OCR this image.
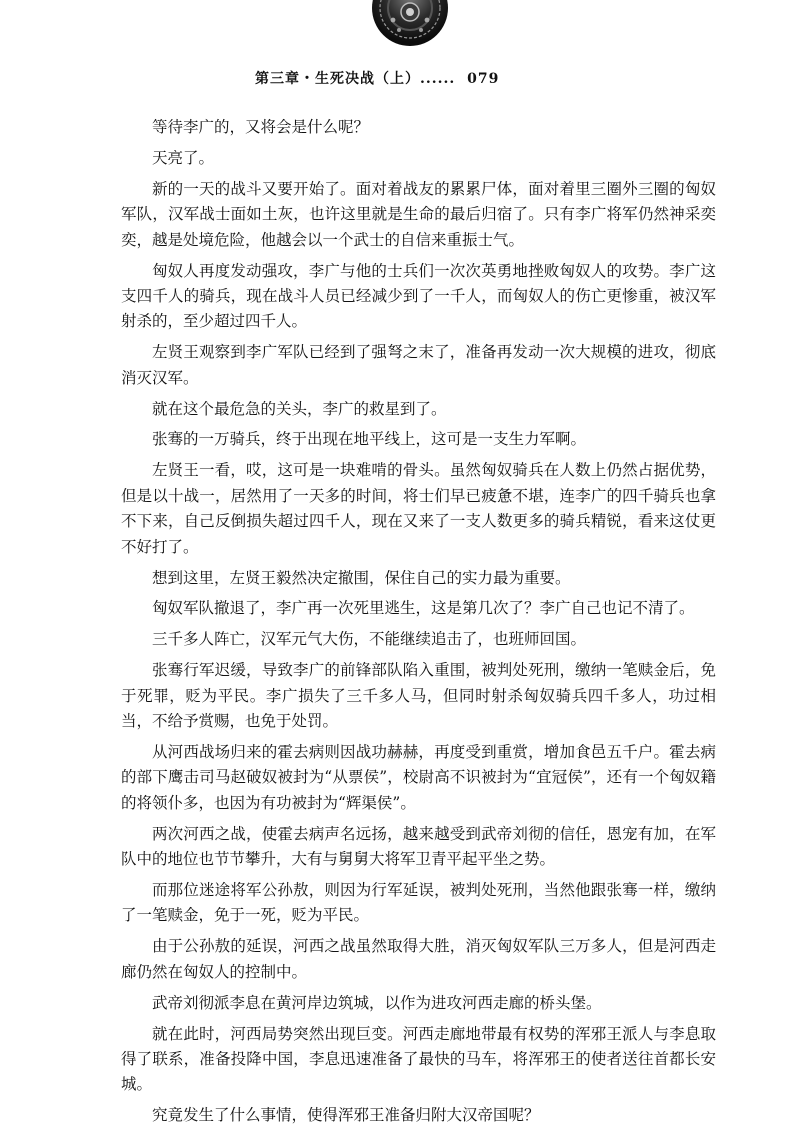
第三章・生死决战（上）...... 079

等待李广的，又将会是什么呢？

天亮了。

新的一天的战斗又要开始了。面对着战友的累累尸体，面对着里三圈外三圈的匈奴军队，汉军战士面如土灰，也许这里就是生命的最后归宿了。只有李广将军仍然神采奕奕，越是处境危险，他越会以一个武士的自信来重振士气。

匈奴人再度发动强攻，李广与他的士兵们一次次英勇地挫败匈奴人的攻势。李广这支四千人的骑兵，现在战斗人员已经减少到了一千人，而匈奴人的伤亡更惨重，被汉军射杀的，至少超过四千人。

左贤王观察到李广军队已经到了强弩之末了，准备再发动一次大规模的进攻，彻底消灭汉军。

就在这个最危急的关头，李广的救星到了。

张骞的一万骑兵，终于出现在地平线上，这可是一支生力军啊。

左贤王一看，哎，这可是一块难啃的骨头。虽然匈奴骑兵在人数上仍然占据优势，但是以十战一，居然用了一天多的时间，将士们早已疲惫不堪，连李广的四千骑兵也拿不下来，自己反倒损失超过四千人，现在又来了一支人数更多的骑兵精锐，看来这仗更不好打了。

想到这里，左贤王毅然决定撤围，保住自己的实力最为重要。

匈奴军队撤退了，李广再一次死里逃生，这是第几次了？李广自己也记不清了。

三千多人阵亡，汉军元气大伤，不能继续追击了，也班师回国。

张骞行军迟缓，导致李广的前锋部队陷入重围，被判处死刑，缴纳一笔赎金后，免于死罪，贬为平民。李广损失了三千多人马，但同时射杀匈奴骑兵四千多人，功过相当，不给予赏赐，也免于处罚。

从河西战场归来的霍去病则因战功赫赫，再度受到重赏，增加食邑五千户。霍去病的部下鹰击司马赵破奴被封为“从票侯”，校尉高不识被封为“宜冠侯”，还有一个匈奴籍的将领仆多，也因为有功被封为“辉渠侯”。

两次河西之战，使霍去病声名远扬，越来越受到武帝刘彻的信任，恩宠有加，在军队中的地位也节节攀升，大有与舅舅大将军卫青平起平坐之势。

而那位迷途将军公孙敖，则因为行军延误，被判处死刑，当然他跟张骞一样，缴纳了一笔赎金，免于一死，贬为平民。

由于公孙敖的延误，河西之战虽然取得大胜，消灭匈奴军队三万多人，但是河西走廊仍然在匈奴人的控制中。

武帝刘彻派李息在黄河岸边筑城，以作为进攻河西走廊的桥头堡。

就在此时，河西局势突然出现巨变。河西走廊地带最有权势的浑邪王派人与李息取得了联系，准备投降中国，李息迅速准备了最快的马车，将浑邪王的使者送往首都长安城。

究竟发生了什么事情，使得浑邪王准备归附大汉帝国呢？
